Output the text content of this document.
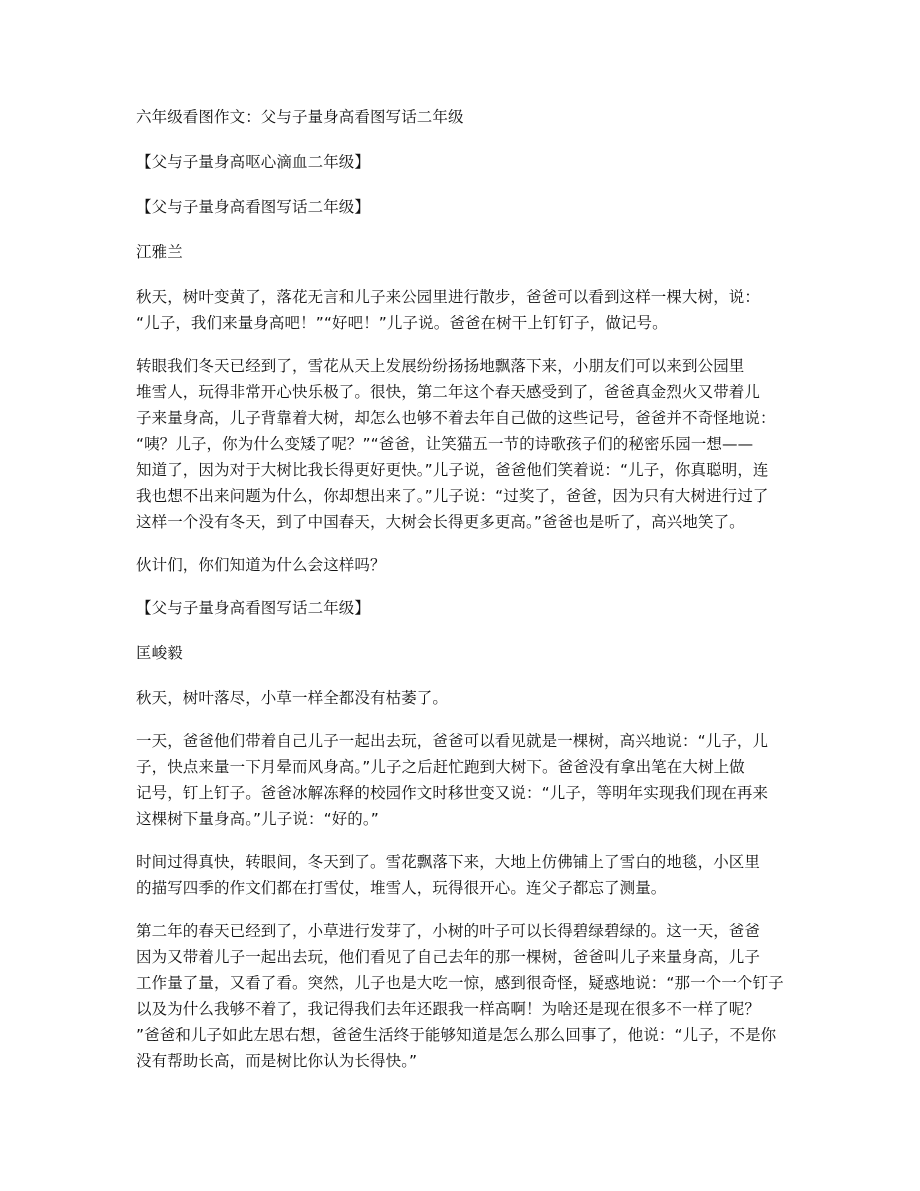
六年级看图作文：父与子量身高看图写话二年级

【父与子量身高呕心滴血二年级】

【父与子量身高看图写话二年级】

江雅兰

秋天，树叶变黄了，落花无言和儿子来公园里进行散步，爸爸可以看到这样一棵大树，说：
“儿子，我们来量身高吧！”“好吧！”儿子说。爸爸在树干上钉钉子，做记号。

转眼我们冬天已经到了，雪花从天上发展纷纷扬扬地飘落下来，小朋友们可以来到公园里
堆雪人，玩得非常开心快乐极了。很快，第二年这个春天感受到了，爸爸真金烈火又带着儿
子来量身高，儿子背靠着大树，却怎么也够不着去年自己做的这些记号，爸爸并不奇怪地说：
“咦？儿子，你为什么变矮了呢？”“爸爸，让笑猫五一节的诗歌孩子们的秘密乐园一想——
知道了，因为对于大树比我长得更好更快。”儿子说，爸爸他们笑着说：“儿子，你真聪明，连
我也想不出来问题为什么，你却想出来了。”儿子说：“过奖了，爸爸，因为只有大树进行过了
这样一个没有冬天，到了中国春天，大树会长得更多更高。”爸爸也是听了，高兴地笑了。

伙计们，你们知道为什么会这样吗？

【父与子量身高看图写话二年级】

匡峻毅

秋天，树叶落尽，小草一样全都没有枯萎了。

一天，爸爸他们带着自己儿子一起出去玩，爸爸可以看见就是一棵树，高兴地说：“儿子，儿
子，快点来量一下月晕而风身高。”儿子之后赶忙跑到大树下。爸爸没有拿出笔在大树上做
记号，钉上钉子。爸爸冰解冻释的校园作文时移世变又说：“儿子，等明年实现我们现在再来
这棵树下量身高。”儿子说：“好的。”

时间过得真快，转眼间，冬天到了。雪花飘落下来，大地上仿佛铺上了雪白的地毯，小区里
的描写四季的作文们都在打雪仗，堆雪人，玩得很开心。连父子都忘了测量。

第二年的春天已经到了，小草进行发芽了，小树的叶子可以长得碧绿碧绿的。这一天，爸爸
因为又带着儿子一起出去玩，他们看见了自己去年的那一棵树，爸爸叫儿子来量身高，儿子
工作量了量，又看了看。突然，儿子也是大吃一惊，感到很奇怪，疑惑地说：“那一个一个钉子
以及为什么我够不着了，我记得我们去年还跟我一样高啊！为啥还是现在很多不一样了呢？
”爸爸和儿子如此左思右想，爸爸生活终于能够知道是怎么那么回事了，他说：“儿子，不是你
没有帮助长高，而是树比你认为长得快。”
